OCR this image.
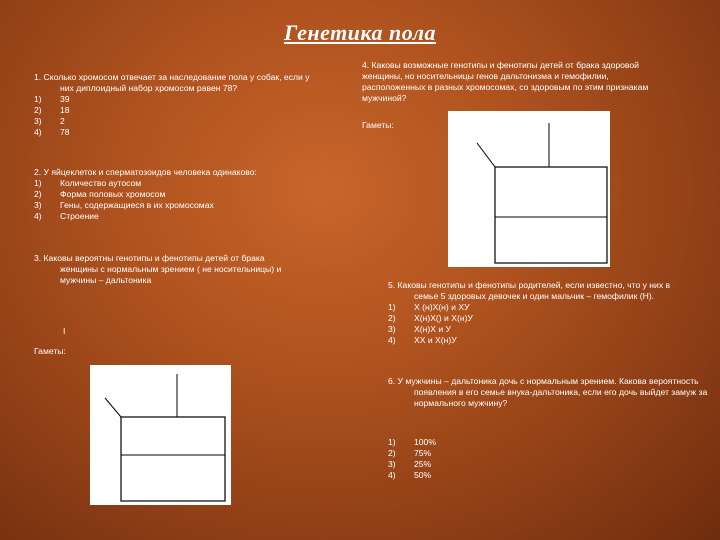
Генетика пола
1. Сколько хромосом отвечает за наследование пола у собак, если у них диплоидный набор хромосом равен 78?
1)	39
2)	18
3)	2
4)	78
2. У яйцеклеток и сперматозоидов человека одинаково:
1)	Количество аутосом
2)	Форма половых хромосом
3)	Гены, содержащиеся в их хромосомах
4)	Строение
3. Каковы вероятны генотипы и фенотипы детей от брака женщины с нормальным зрением ( не носительницы) и мужчины – дальтоника
I
Гаметы:
4. Каковы возможные генотипы и фенотипы детей от брака здоровой женщины, но носительницы генов дальтонизма и гемофилии, расположенных в разных хромосомах, со здоровым по этим признакам мужчиной?
Гаметы:
5. Каковы генотипы и фенотипы родителей, если известно, что у них в семье 5 здоровых девочек и один мальчик – гемофилик (Н).
1)	X (н)X(н) и XУ
2)	X(н)X() и X(н)У
3)	X(н)X и У
4)	XX и X(н)У
6. У мужчины – дальтоника дочь с нормальным зрением. Какова вероятность появления в его семье внука-дальтоника, если его дочь выйдет замуж за нормального мужчину?
1)	100%
2)	75%
3)	25%
4)	50%
